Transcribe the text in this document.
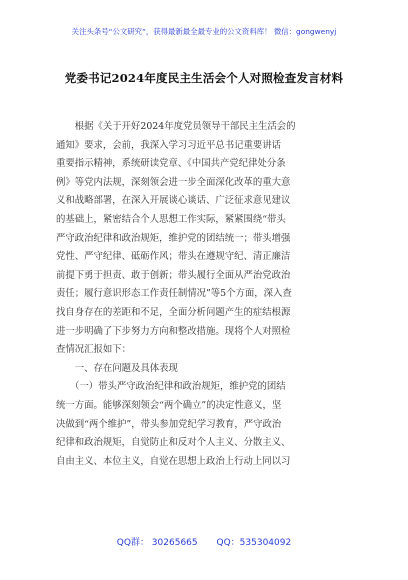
关注头条号“公文研究”，获得最新最全最专业的公文资料库！ 微信：gongwenyj
党委书记2024年度民主生活会个人对照检查发言材料
　　根据《关于开好2024年度党员领导干部民主生活会的
通知》要求，会前，我深入学习习近平总书记重要讲话
重要指示精神，系统研读党章、《中国共产党纪律处分条
例》等党内法规，深刻领会进一步全面深化改革的重大意
义和战略部署，在深入开展谈心谈话、广泛征求意见建议
的基础上，紧密结合个人思想工作实际，紧紧围绕“带头
严守政治纪律和政治规矩，维护党的团结统一；带头增强
党性、严守纪律、砥砺作风；带头在遵规守纪、清正廉洁
前提下勇于担责、敢于创新；带头履行全面从严治党政治
责任；履行意识形态工作责任制情况”等5个方面，深入查
找自身存在的差距和不足，全面分析问题产生的症结根源
进一步明确了下步努力方向和整改措施。现将个人对照检
查情况汇报如下：
　　一、存在问题及具体表现
　　（一）带头严守政治纪律和政治规矩，维护党的团结
统一方面。能够深刻领会“两个确立”的决定性意义，坚
决做到“两个维护”，带头参加党纪学习教育，严守政治
纪律和政治规矩，自觉防止和反对个人主义、分散主义、
自由主义、本位主义，自觉在思想上政治上行动上同以习
QQ群： 30265665 QQ：535304092
